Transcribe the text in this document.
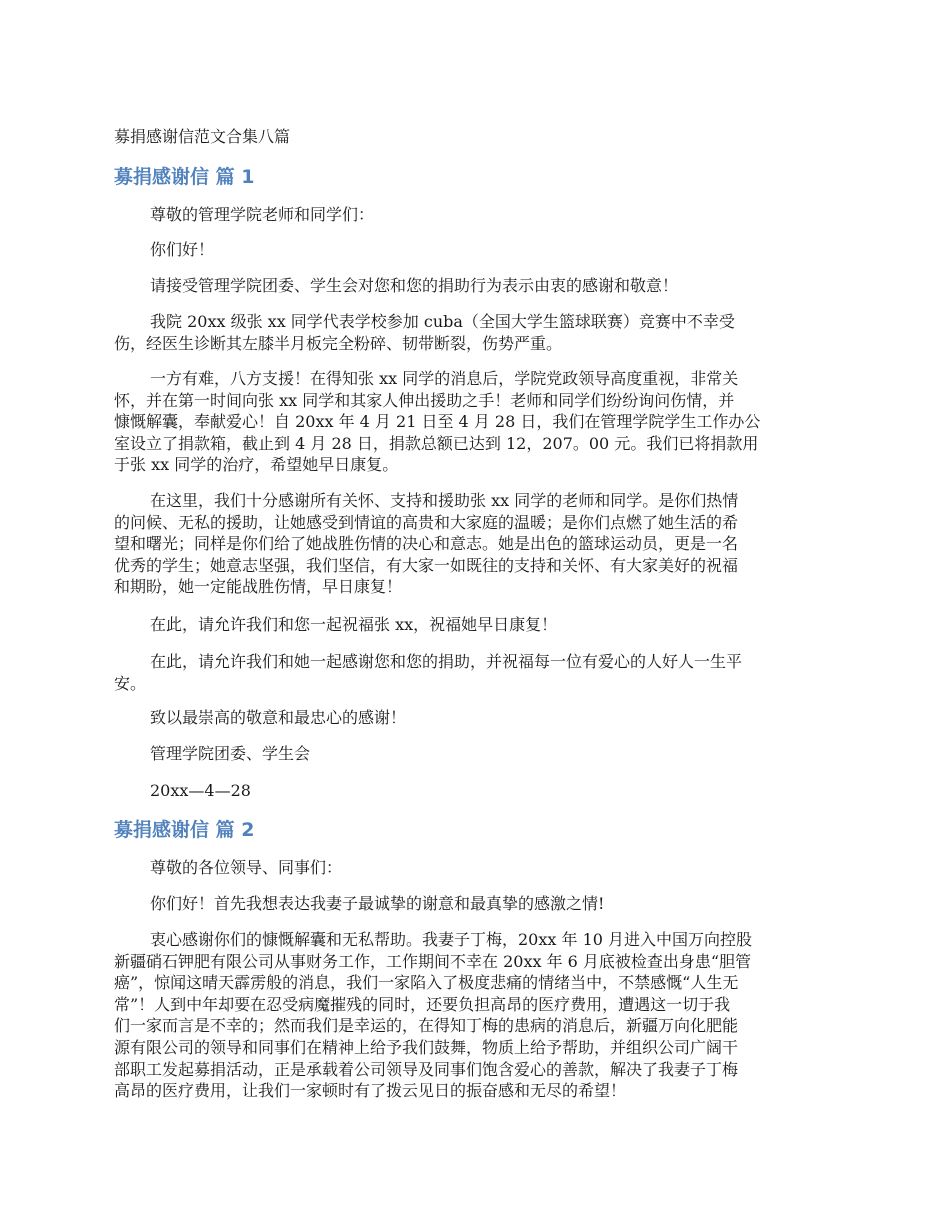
募捐感谢信范文合集八篇

募捐感谢信 篇 1

尊敬的管理学院老师和同学们：

你们好！

请接受管理学院团委、学生会对您和您的捐助行为表示由衷的感谢和敬意！

我院 20xx 级张 xx 同学代表学校参加 cuba（全国大学生篮球联赛）竞赛中不幸受
伤，经医生诊断其左膝半月板完全粉碎、韧带断裂，伤势严重。

一方有难，八方支援！在得知张 xx 同学的消息后，学院党政领导高度重视，非常关
怀，并在第一时间向张 xx 同学和其家人伸出援助之手！老师和同学们纷纷询问伤情，并
慷慨解囊，奉献爱心！自 20xx 年 4 月 21 日至 4 月 28 日，我们在管理学院学生工作办公
室设立了捐款箱，截止到 4 月 28 日，捐款总额已达到 12，207。00 元。我们已将捐款用
于张 xx 同学的治疗，希望她早日康复。

在这里，我们十分感谢所有关怀、支持和援助张 xx 同学的老师和同学。是你们热情
的问候、无私的援助，让她感受到情谊的高贵和大家庭的温暖；是你们点燃了她生活的希
望和曙光；同样是你们给了她战胜伤情的决心和意志。她是出色的篮球运动员，更是一名
优秀的学生；她意志坚强，我们坚信，有大家一如既往的支持和关怀、有大家美好的祝福
和期盼，她一定能战胜伤情，早日康复！

在此，请允许我们和您一起祝福张 xx，祝福她早日康复！

在此，请允许我们和她一起感谢您和您的捐助，并祝福每一位有爱心的人好人一生平
安。

致以最崇高的敬意和最忠心的感谢！

管理学院团委、学生会

20xx—4—28

募捐感谢信 篇 2

尊敬的各位领导、同事们：

你们好！首先我想表达我妻子最诚挚的谢意和最真挚的感激之情!

衷心感谢你们的慷慨解囊和无私帮助。我妻子丁梅，20xx 年 10 月进入中国万向控股
新疆硝石钾肥有限公司从事财务工作，工作期间不幸在 20xx 年 6 月底被检查出身患“胆管
癌”，惊闻这晴天霹雳般的消息，我们一家陷入了极度悲痛的情绪当中，不禁感慨“人生无
常”！人到中年却要在忍受病魔摧残的同时，还要负担高昂的医疗费用，遭遇这一切于我
们一家而言是不幸的；然而我们是幸运的，在得知丁梅的患病的消息后，新疆万向化肥能
源有限公司的领导和同事们在精神上给予我们鼓舞，物质上给予帮助，并组织公司广阔干
部职工发起募捐活动，正是承载着公司领导及同事们饱含爱心的善款，解决了我妻子丁梅
高昂的医疗费用，让我们一家顿时有了拨云见日的振奋感和无尽的希望！
